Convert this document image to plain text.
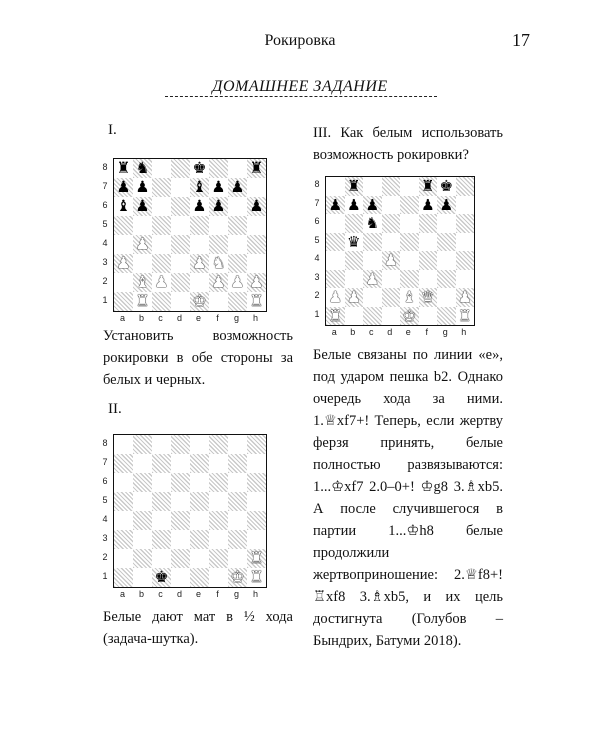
Рокировка	17
ДОМАШНЕЕ ЗАДАНИЕ
I.
♜ ♞	♚	♜
♟ ♟	♝ ♟ ♟
♝ ♟	♟ ♟ ♟
♟
♞
♟	♟
♝ ♟	♟ ♟ ♟
♜	♚	♜
8
7
6
5
4
3
2
1
a	b	c	d	e	f	g	h
Установить возможность рокировки в обе стороны за белых и черных.
II.
♜
♚	♚ ♜
8
7
6
5
4
3
2
1
a	b	c	d	e	f	g	h
Белые дают мат в ½ хода (задача-шутка).
III. Как белым использовать возможность рокировки?
♜	♜ ♚
♟ ♟ ♟	♟ ♟
♞
♛
♟
♟
♟ ♟	♝ ♛ ♟
♜	♚	♜
8
7
6
5
4
3
2
1
a	b	c	d	e	f	g	h
Белые связаны по линии «е», под ударом пешка b2. Однако очередь хода за ними. 1.♕xf7+! Теперь, если жертву ферзя принять, белые полностью развязываются: 1...♔xf7 2.0–0+! ♔g8 3.♗xb5. А после случившегося в партии 1...♔h8 белые продолжили жертвоприношение: 2.♕f8+! ♖xf8 3.♗xb5, и их цель достигнута (Голубов – Бындрих, Батуми 2018).
